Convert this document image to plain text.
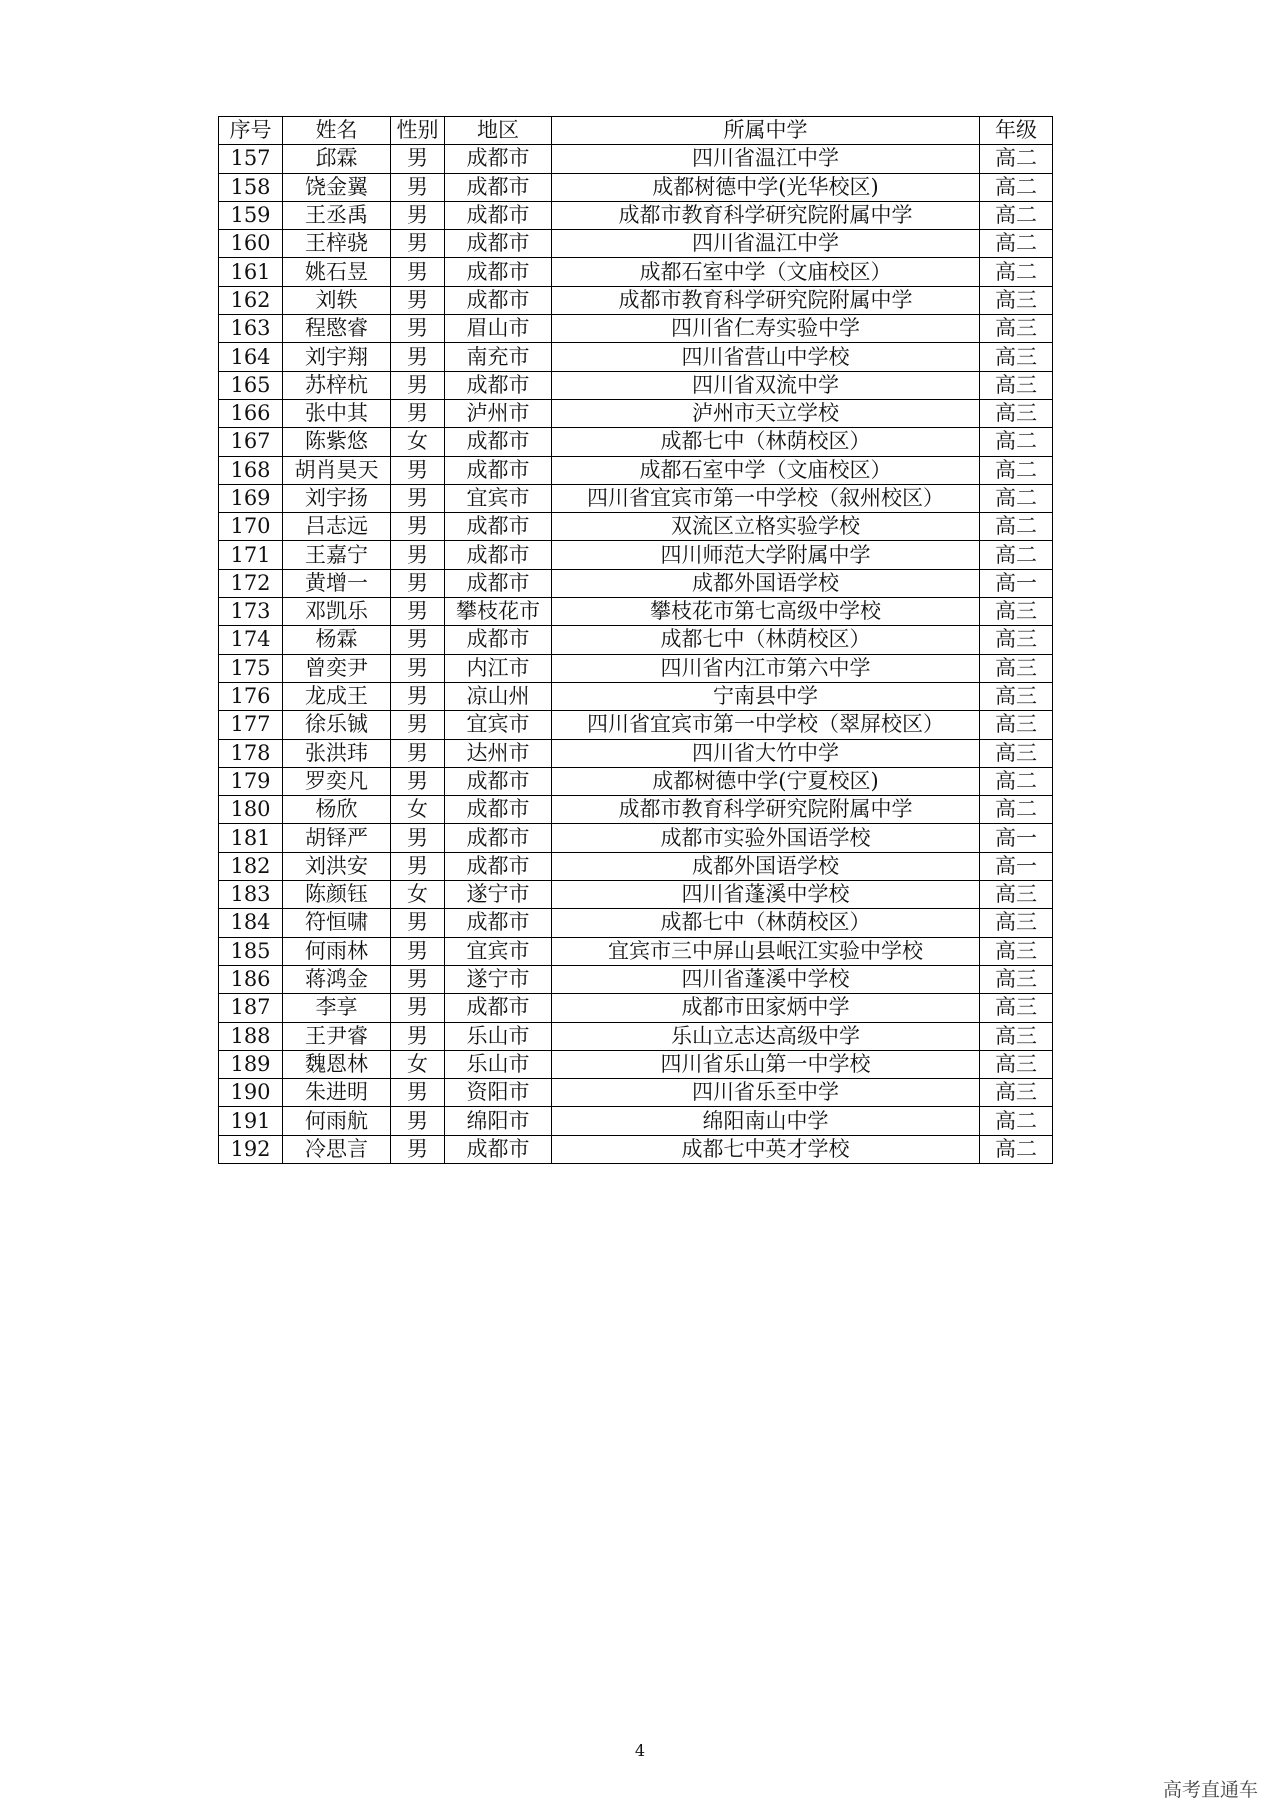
序号	姓名	性别	地区	所属中学	年级
157	邱霖	男	成都市	四川省温江中学	高二
158	饶金翼	男	成都市	成都树德中学(光华校区)	高二
159	王丞禹	男	成都市	成都市教育科学研究院附属中学	高二
160	王梓骁	男	成都市	四川省温江中学	高二
161	姚石昱	男	成都市	成都石室中学（文庙校区）	高二
162	刘轶	男	成都市	成都市教育科学研究院附属中学	高三
163	程愍睿	男	眉山市	四川省仁寿实验中学	高三
164	刘宇翔	男	南充市	四川省营山中学校	高三
165	苏梓杭	男	成都市	四川省双流中学	高三
166	张中其	男	泸州市	泸州市天立学校	高三
167	陈紫悠	女	成都市	成都七中（林荫校区）	高二
168	胡肖昊天	男	成都市	成都石室中学（文庙校区）	高二
169	刘宇扬	男	宜宾市	四川省宜宾市第一中学校（叙州校区）	高二
170	吕志远	男	成都市	双流区立格实验学校	高二
171	王嘉宁	男	成都市	四川师范大学附属中学	高二
172	黄增一	男	成都市	成都外国语学校	高一
173	邓凯乐	男	攀枝花市	攀枝花市第七高级中学校	高三
174	杨霖	男	成都市	成都七中（林荫校区）	高三
175	曾奕尹	男	内江市	四川省内江市第六中学	高三
176	龙成王	男	凉山州	宁南县中学	高三
177	徐乐铖	男	宜宾市	四川省宜宾市第一中学校（翠屏校区）	高三
178	张洪玮	男	达州市	四川省大竹中学	高三
179	罗奕凡	男	成都市	成都树德中学(宁夏校区)	高二
180	杨欣	女	成都市	成都市教育科学研究院附属中学	高二
181	胡铎严	男	成都市	成都市实验外国语学校	高一
182	刘洪安	男	成都市	成都外国语学校	高一
183	陈颜钰	女	遂宁市	四川省蓬溪中学校	高三
184	符恒啸	男	成都市	成都七中（林荫校区）	高三
185	何雨林	男	宜宾市	宜宾市三中屏山县岷江实验中学校	高三
186	蒋鸿金	男	遂宁市	四川省蓬溪中学校	高三
187	李享	男	成都市	成都市田家炳中学	高三
188	王尹睿	男	乐山市	乐山立志达高级中学	高三
189	魏恩林	女	乐山市	四川省乐山第一中学校	高三
190	朱进明	男	资阳市	四川省乐至中学	高三
191	何雨航	男	绵阳市	绵阳南山中学	高二
192	冷思言	男	成都市	成都七中英才学校	高二
4
高考直通车
